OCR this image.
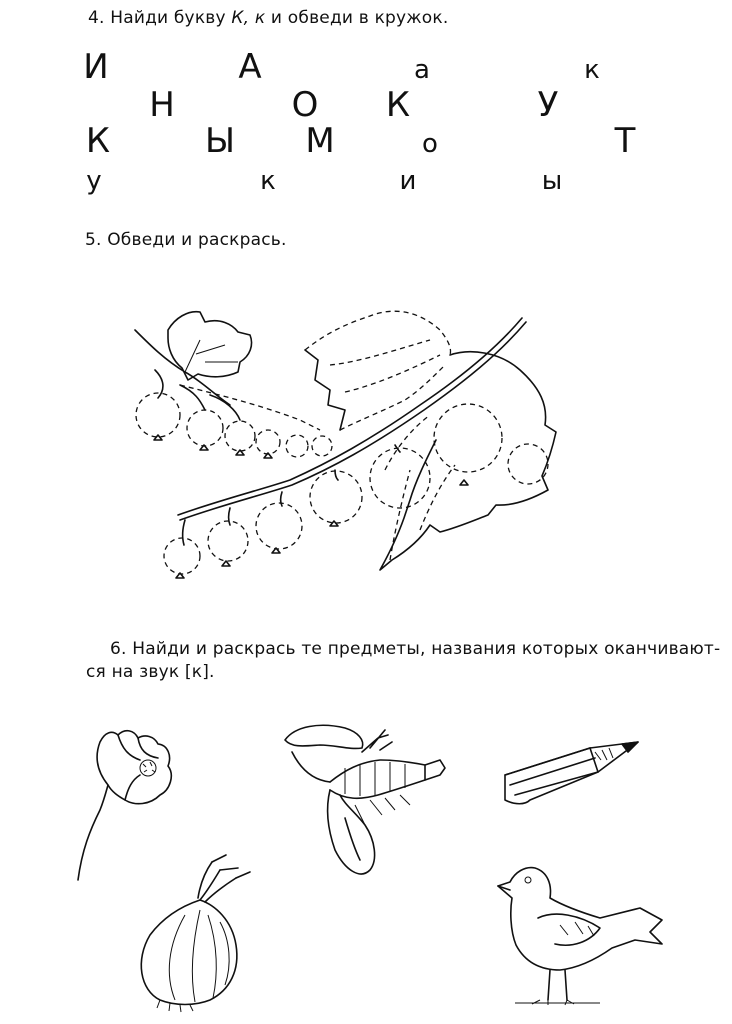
4. Найди букву К, к и обведи в кружок.
И	А	а	к
Н	О К	У
К	Ы М	о	Т
у	к	и	ы
5. Обведи и раскрась.
6. Найди и раскрась те предметы, названия которых оканчивают-
ся на звук [к].
